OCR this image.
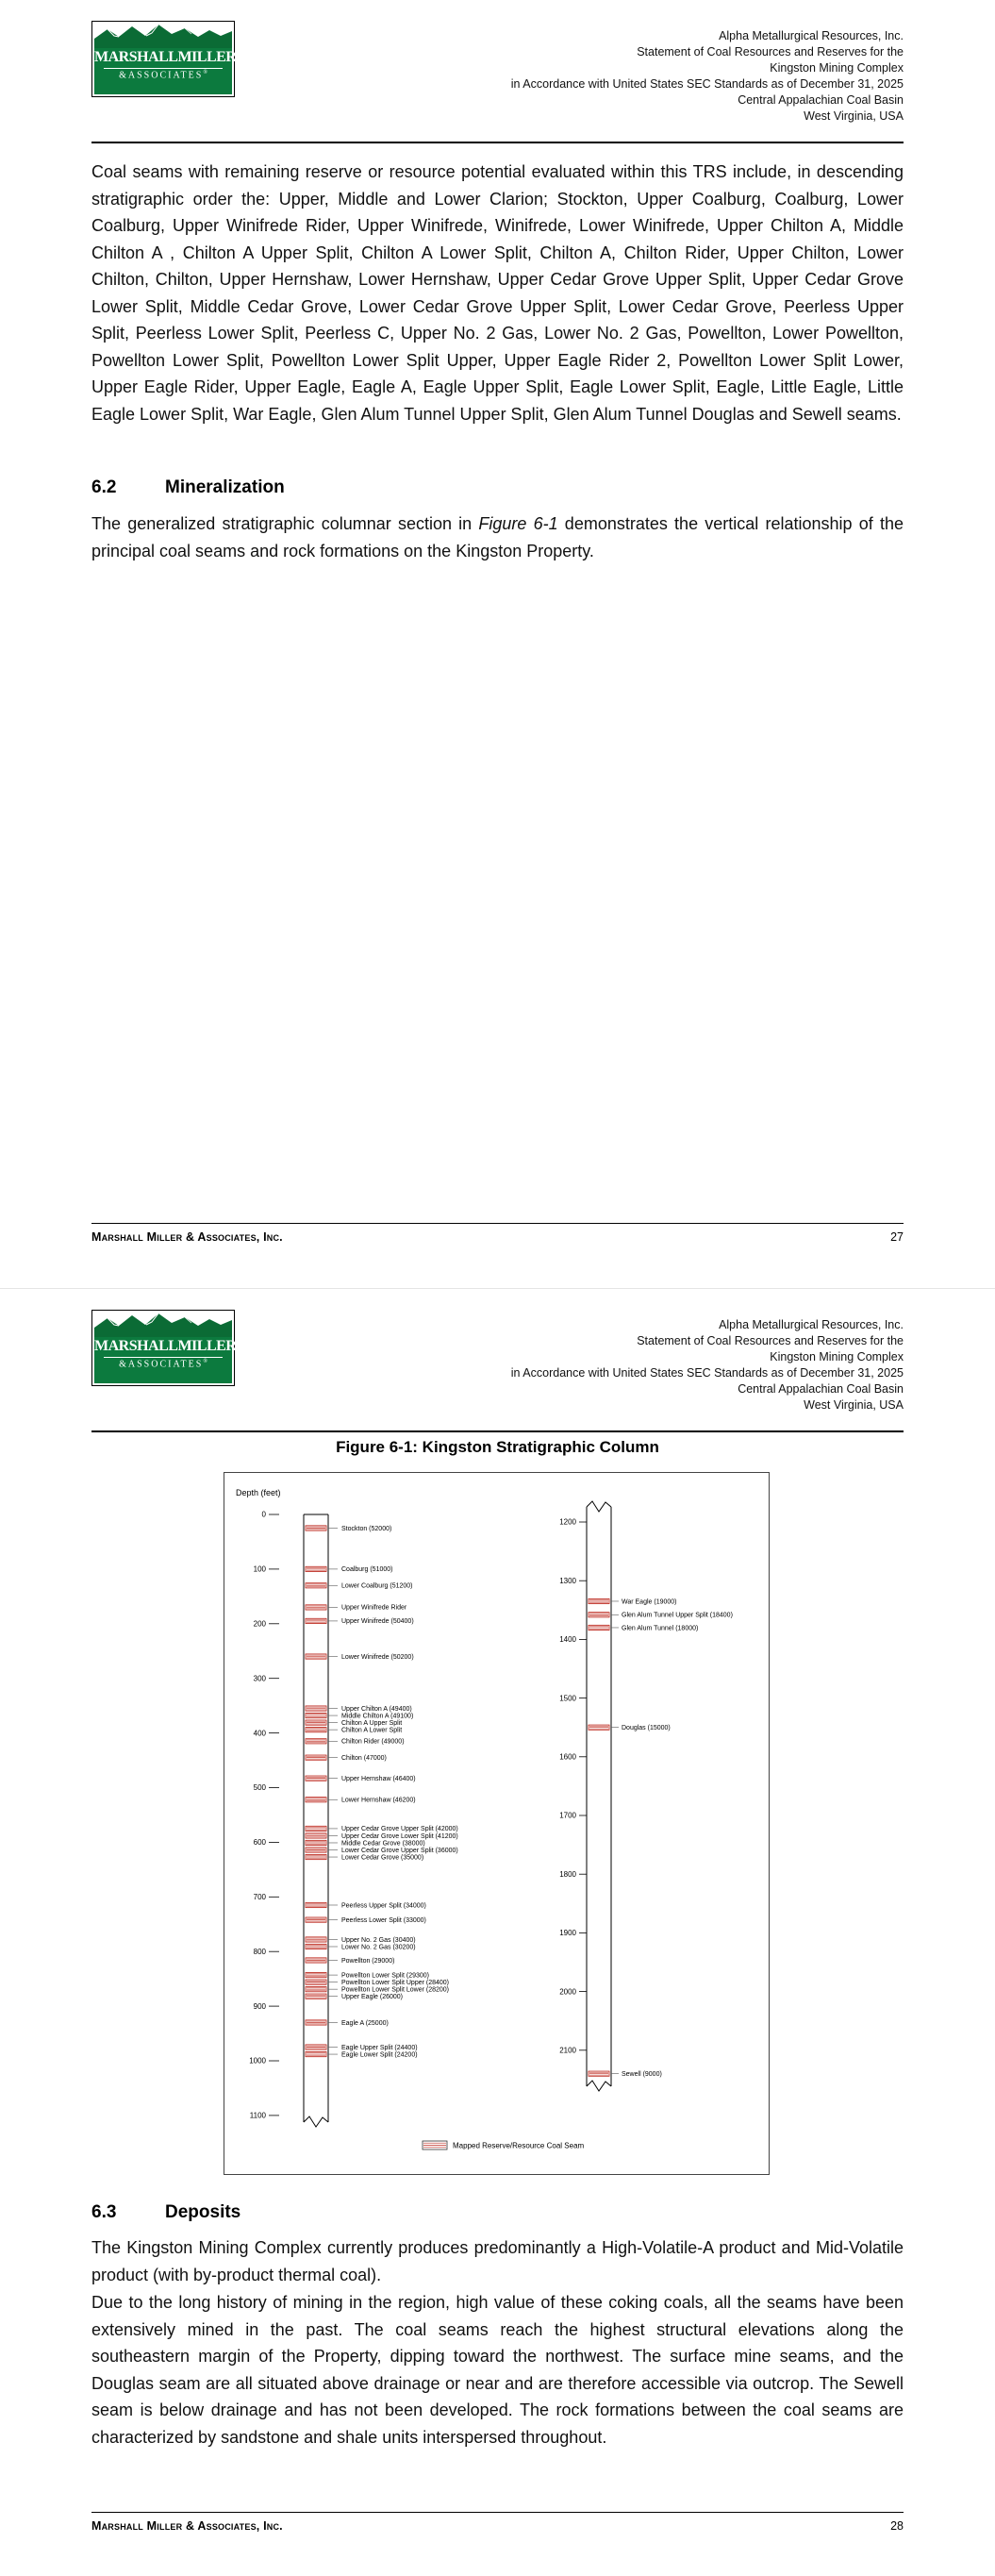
MARSHALLMILLER
&ASSOCIATES®
Alpha Metallurgical Resources, Inc.
Statement of Coal Resources and Reserves for the
Kingston Mining Complex
in Accordance with United States SEC Standards as of December 31, 2025
Central Appalachian Coal Basin
West Virginia, USA

Coal seams with remaining reserve or resource potential evaluated within this TRS include, in descending stratigraphic order the: Upper, Middle and Lower Clarion; Stockton, Upper Coalburg, Coalburg, Lower Coalburg, Upper Winifrede Rider, Upper Winifrede, Winifrede, Lower Winifrede, Upper Chilton A, Middle Chilton A , Chilton A Upper Split, Chilton A Lower Split, Chilton A, Chilton Rider, Upper Chilton, Lower Chilton, Chilton, Upper Hernshaw, Lower Hernshaw, Upper Cedar Grove Upper Split, Upper Cedar Grove Lower Split, Middle Cedar Grove, Lower Cedar Grove Upper Split, Lower Cedar Grove, Peerless Upper Split, Peerless Lower Split, Peerless C, Upper No. 2 Gas, Lower No. 2 Gas, Powellton, Lower Powellton, Powellton Lower Split, Powellton Lower Split Upper, Upper Eagle Rider 2, Powellton Lower Split Lower, Upper Eagle Rider, Upper Eagle, Eagle A, Eagle Upper Split, Eagle Lower Split, Eagle, Little Eagle, Little Eagle Lower Split, War Eagle, Glen Alum Tunnel Upper Split, Glen Alum Tunnel Douglas and Sewell seams.

6.2	Mineralization

The generalized stratigraphic columnar section in Figure 6-1 demonstrates the vertical relationship of the principal coal seams and rock formations on the Kingston Property.

Marshall Miller & Associates, Inc.	27
MARSHALLMILLER
&ASSOCIATES®
Alpha Metallurgical Resources, Inc.
Statement of Coal Resources and Reserves for the
Kingston Mining Complex
in Accordance with United States SEC Standards as of December 31, 2025
Central Appalachian Coal Basin
West Virginia, USA
Figure 6-1: Kingston Stratigraphic Column
Depth (feet)
0
100
200
300
400
500
600
700
800
900
1000
1100
Stockton (52000)
Coalburg (51000)
Lower Coalburg (51200)
Upper Winifrede Rider
Upper Winifrede (50400)
Lower Winifrede (50200)
Upper Chilton A (49400)
Middle Chilton A (49100)
Chilton A Upper Split
Chilton A Lower Split
Chilton Rider (49000)
Chilton (47000)
Upper Hernshaw (46400)
Lower Hernshaw (46200)
Upper Cedar Grove Upper Split (42000)
Upper Cedar Grove Lower Split (41200)
Middle Cedar Grove (38000)
Lower Cedar Grove Upper Split (36000)
Lower Cedar Grove (35000)
Peerless Upper Split (34000)
Peerless Lower Split (33000)
Upper No. 2 Gas (30400)
Lower No. 2 Gas (30200)
Powellton (29000)
Powellton Lower Split (29300)
Powellton Lower Split Upper (28400)
Powellton Lower Split Lower (28200)
Upper Eagle (26000)
Eagle A (25000)
Eagle Upper Split (24400)
Eagle Lower Split (24200)
1200
1300
1400
1500
1600
1700
1800
1900
2000
2100
War Eagle (19000)
Glen Alum Tunnel Upper Split (18400)
Glen Alum Tunnel (18000)
Douglas (15000)
Sewell (9000)
Mapped Reserve/Resource Coal Seam
6.3	Deposits

The Kingston Mining Complex currently produces predominantly a High-Volatile-A product and Mid-Volatile product (with by-product thermal coal).

Due to the long history of mining in the region, high value of these coking coals, all the seams have been extensively mined in the past. The coal seams reach the highest structural elevations along the southeastern margin of the Property, dipping toward the northwest. The surface mine seams, and the Douglas seam are all situated above drainage or near and are therefore accessible via outcrop. The Sewell seam is below drainage and has not been developed. The rock formations between the coal seams are characterized by sandstone and shale units interspersed throughout.

Marshall Miller & Associates, Inc.	28
